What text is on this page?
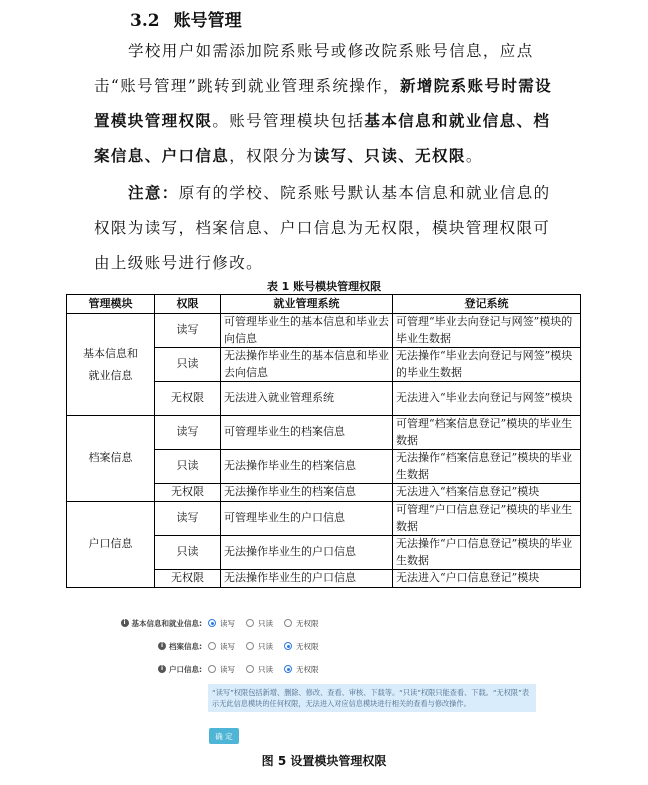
3.2 账号管理
学校用户如需添加院系账号或修改院系账号信息，应点击“账号管理”跳转到就业管理系统操作，新增院系账号时需设置模块管理权限。账号管理模块包括基本信息和就业信息、档案信息、户口信息，权限分为读写、只读、无权限。
注意：原有的学校、院系账号默认基本信息和就业信息的权限为读写，档案信息、户口信息为无权限，模块管理权限可由上级账号进行修改。
表 1 账号模块管理权限
管理模块	权限	就业管理系统	登记系统
基本信息和
就业信息	读写	可管理毕业生的基本信息和毕业去向信息	可管理“毕业去向登记与网签”模块的毕业生数据
	只读	无法操作毕业生的基本信息和毕业去向信息	无法操作“毕业去向登记与网签”模块的毕业生数据
	无权限	无法进入就业管理系统	无法进入“毕业去向登记与网签”模块
档案信息	读写	可管理毕业生的档案信息	可管理“档案信息登记”模块的毕业生数据
	只读	无法操作毕业生的档案信息	无法操作“档案信息登记”模块的毕业生数据
	无权限	无法操作毕业生的档案信息	无法进入“档案信息登记”模块
户口信息	读写	可管理毕业生的户口信息	可管理“户口信息登记”模块的毕业生数据
	只读	无法操作毕业生的户口信息	无法操作“户口信息登记”模块的毕业生数据
	无权限	无法操作毕业生的户口信息	无法进入“户口信息登记”模块
i 基本信息和就业信息: 读写	只读	无权限
i 档案信息: 读写	只读	无权限
i 户口信息: 读写	只读	无权限
“读写”权限包括新增、删除、修改、查看、审核、下载等。“只读”权限只能查看、下载。“无权限”表示无此信息模块的任何权限，无法进入对应信息模块进行相关的查看与修改操作。
确 定
图 5 设置模块管理权限
